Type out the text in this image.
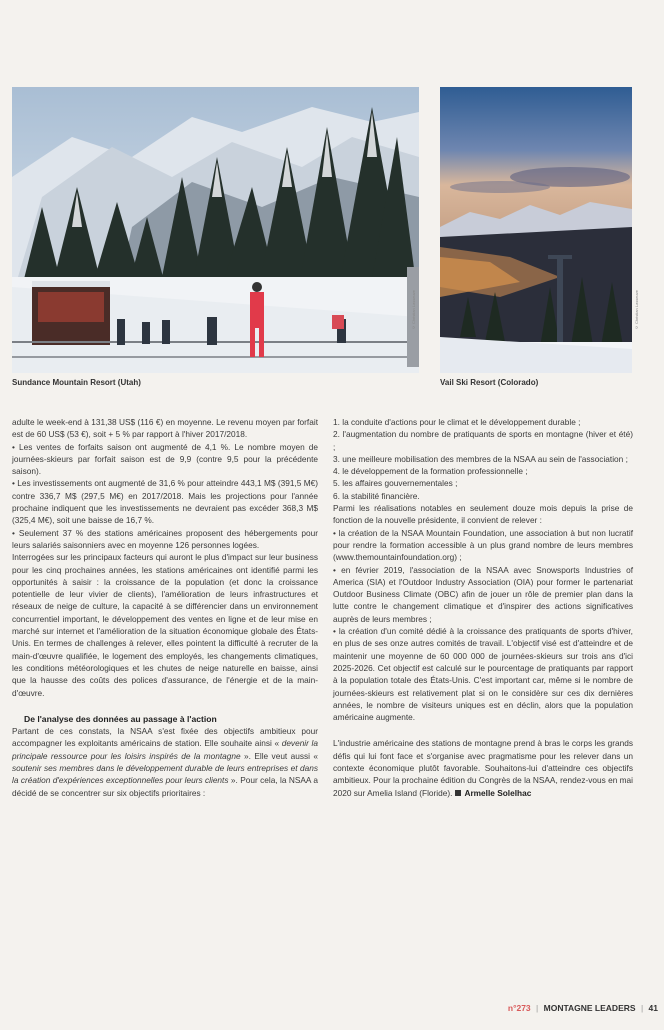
© Christian Lasseuve
Sundance Mountain Resort (Utah)
© Christian Lasseuve
Vail Ski Resort (Colorado)

adulte le week-end à 131,38 US$ (116 €) en moyenne. Le revenu moyen par forfait est de 60 US$ (53 €), soit + 5 % par rapport à l'hiver 2017/2018.

• Les ventes de forfaits saison ont augmenté de 4,1 %. Le nombre moyen de journées-skieurs par forfait saison est de 9,9 (contre 9,5 pour la précédente saison).

• Les investissements ont augmenté de 31,6 % pour atteindre 443,1 M$ (391,5 M€) contre 336,7 M$ (297,5 M€) en 2017/2018. Mais les projections pour l'année prochaine indiquent que les investissements ne devraient pas excéder 368,3 M$ (325,4 M€), soit une baisse de 16,7 %.

• Seulement 37 % des stations américaines proposent des hébergements pour leurs salariés saisonniers avec en moyenne 126 personnes logées.

Interrogées sur les principaux facteurs qui auront le plus d'impact sur leur business pour les cinq prochaines années, les stations américaines ont identifié parmi les opportunités à saisir : la croissance de la population (et donc la croissance potentielle de leur vivier de clients), l'amélioration de leurs infrastructures et réseaux de neige de culture, la capacité à se différencier dans un environnement concurrentiel important, le développement des ventes en ligne et de leur mise en marché sur internet et l'amélioration de la situation économique globale des États-Unis. En termes de challenges à relever, elles pointent la difficulté à recruter de la main-d'œuvre qualifiée, le logement des employés, les changements climatiques, les conditions météorologiques et les chutes de neige naturelle en baisse, ainsi que la hausse des coûts des polices d'assurance, de l'énergie et de la main-d'œuvre.

De l'analyse des données au passage à l'action

Partant de ces constats, la NSAA s'est fixée des objectifs ambitieux pour accompagner les exploitants américains de station. Elle souhaite ainsi « devenir la principale ressource pour les loisirs inspirés de la montagne ». Elle veut aussi « soutenir ses membres dans le développement durable de leurs entreprises et dans la création d'expériences exceptionnelles pour leurs clients ». Pour cela, la NSAA a décidé de se concentrer sur six objectifs prioritaires :

1. la conduite d'actions pour le climat et le développement durable ;

2. l'augmentation du nombre de pratiquants de sports en montagne (hiver et été) ;

3. une meilleure mobilisation des membres de la NSAA au sein de l'association ;

4. le développement de la formation professionnelle ;

5. les affaires gouvernementales ;

6. la stabilité financière.

Parmi les réalisations notables en seulement douze mois depuis la prise de fonction de la nouvelle présidente, il convient de relever :

• la création de la NSAA Mountain Foundation, une association à but non lucratif pour rendre la formation accessible à un plus grand nombre de leurs membres (www.themountainfoundation.org) ;

• en février 2019, l'association de la NSAA avec Snowsports Industries of America (SIA) et l'Outdoor Industry Association (OIA) pour former le partenariat Outdoor Business Climate (OBC) afin de jouer un rôle de premier plan dans la lutte contre le changement climatique et d'inspirer des actions significatives auprès de leurs membres ;

• la création d'un comité dédié à la croissance des pratiquants de sports d'hiver, en plus de ses onze autres comités de travail. L'objectif visé est d'atteindre et de maintenir une moyenne de 60 000 000 de journées-skieurs sur trois ans d'ici 2025-2026. Cet objectif est calculé sur le pourcentage de pratiquants par rapport à la population totale des États-Unis. C'est important car, même si le nombre de journées-skieurs est relativement plat si on le considère sur ces dix dernières années, le nombre de visiteurs uniques est en déclin, alors que la population américaine augmente.

L'industrie américaine des stations de montagne prend à bras le corps les grands défis qui lui font face et s'organise avec pragmatisme pour les relever dans un contexte économique plutôt favorable. Souhaitons-lui d'atteindre ces objectifs ambitieux. Pour la prochaine édition du Congrès de la NSAA, rendez-vous en mai 2020 sur Amelia Island (Floride). Armelle Solelhac

n°273 | MONTAGNE LEADERS | 41
